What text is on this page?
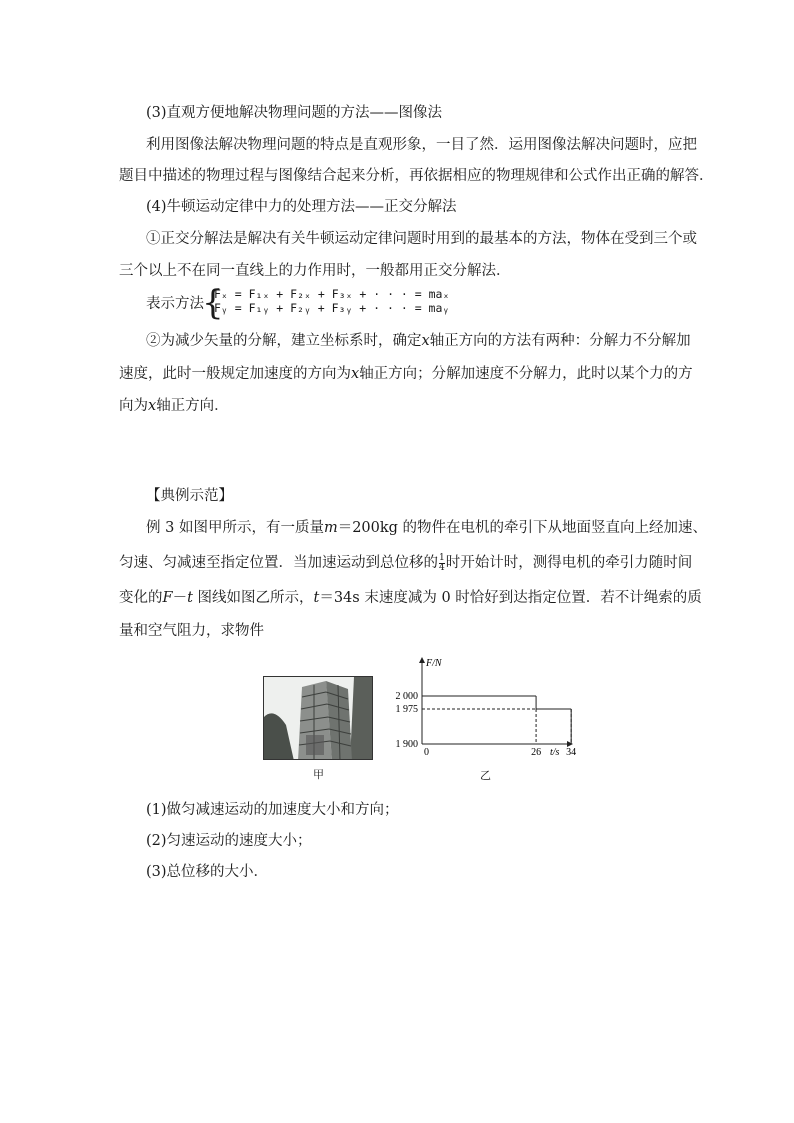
(3)直观方便地解决物理问题的方法——图像法
利用图像法解决物理问题的特点是直观形象，一目了然．运用图像法解决问题时，应把
题目中描述的物理过程与图像结合起来分析，再依据相应的物理规律和公式作出正确的解答．
(4)牛顿运动定律中力的处理方法——正交分解法
①正交分解法是解决有关牛顿运动定律问题时用到的最基本的方法，物体在受到三个或
三个以上不在同一直线上的力作用时，一般都用正交分解法．
表示方法
{
Fₓ = F₁ₓ + F₂ₓ + F₃ₓ + · · · = maₓ
Fᵧ = F₁ᵧ + F₂ᵧ + F₃ᵧ + · · · = maᵧ
②为减少矢量的分解，建立坐标系时，确定x轴正方向的方法有两种：分解力不分解加
速度，此时一般规定加速度的方向为x轴正方向；分解加速度不分解力，此时以某个力的方
向为x轴正方向．
【典例示范】
例 3 如图甲所示，有一质量m＝200kg 的物件在电机的牵引下从地面竖直向上经加速、
匀速、匀减速至指定位置．当加速运动到总位移的 $\frac{1}{4}$ 时开始计时，测得电机的牵引力随时间
变化的F－t 图线如图乙所示，t＝34s 末速度减为 0 时恰好到达指定位置．若不计绳索的质
量和空气阻力，求物件
甲
F/N
2 000
1 975
1 900
0	26	34
t/s
乙
(1)做匀减速运动的加速度大小和方向；
(2)匀速运动的速度大小；
(3)总位移的大小．
